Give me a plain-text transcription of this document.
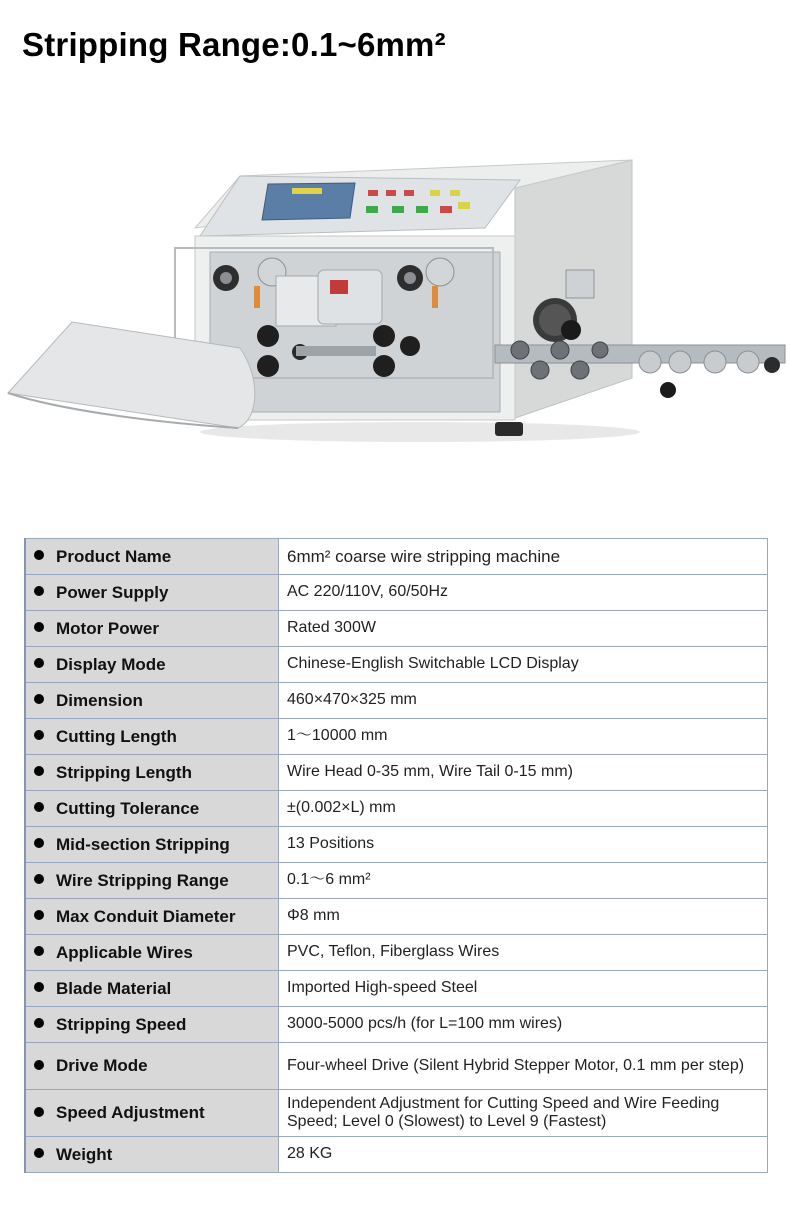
Stripping Range:0.1~6mm²
Product Name	6mm² coarse wire stripping machine
Power Supply	AC 220/110V, 60/50Hz
Motor Power	Rated 300W
Display Mode	Chinese-English Switchable LCD Display
Dimension	460×470×325 mm
Cutting Length	1～10000 mm
Stripping Length	Wire Head 0-35 mm, Wire Tail 0-15 mm)
Cutting Tolerance	±(0.002×L) mm
Mid-section Stripping	13 Positions
Wire Stripping Range	0.1～6 mm²
Max Conduit Diameter	Φ8 mm
Applicable Wires	PVC, Teflon, Fiberglass Wires
Blade Material	Imported High-speed Steel
Stripping Speed	3000-5000 pcs/h (for L=100 mm wires)
Drive Mode	Four-wheel Drive (Silent Hybrid Stepper Motor, 0.1 mm per step)
Speed Adjustment	Independent Adjustment for Cutting Speed and Wire Feeding Speed; Level 0 (Slowest) to Level 9 (Fastest)
Weight	28 KG
